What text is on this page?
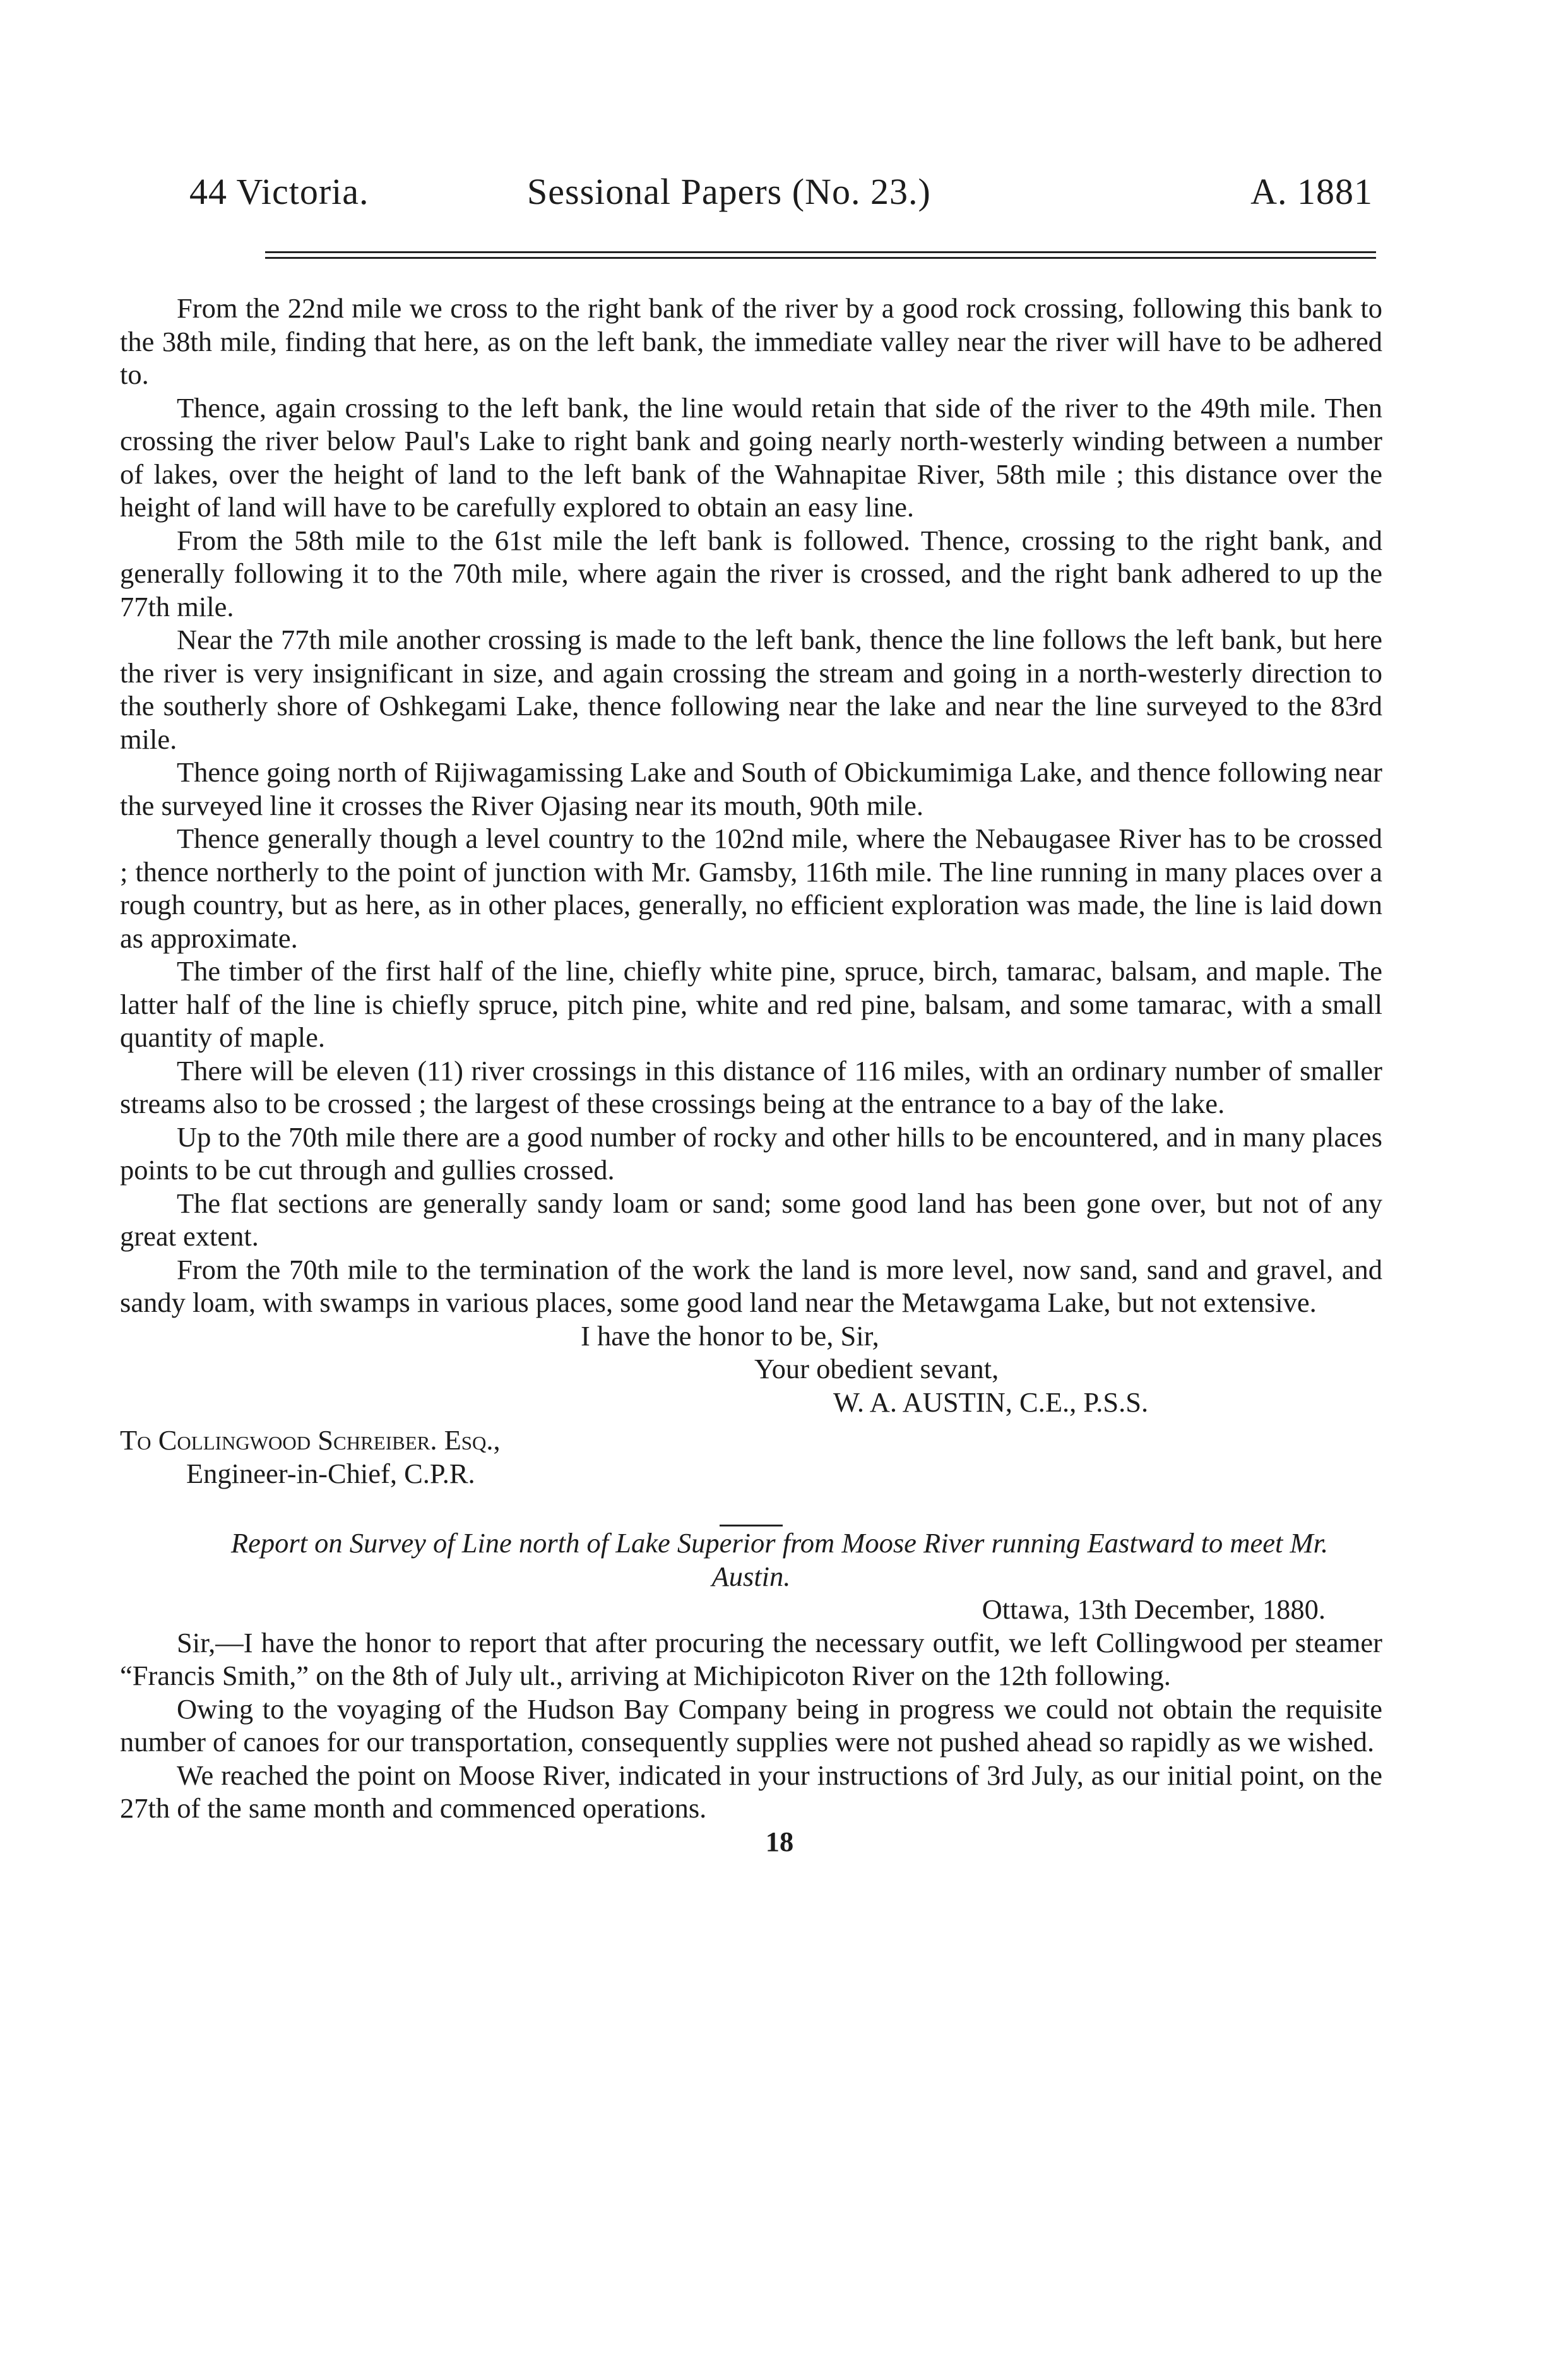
44 Victoria.	Sessional Papers (No. 23.)	A. 1881

From the 22nd mile we cross to the right bank of the river by a good rock crossing, following this bank to the 38th mile, finding that here, as on the left bank, the immediate valley near the river will have to be adhered to.

Thence, again crossing to the left bank, the line would retain that side of the river to the 49th mile. Then crossing the river below Paul's Lake to right bank and going nearly north-westerly winding between a number of lakes, over the height of land to the left bank of the Wahnapitae River, 58th mile ; this distance over the height of land will have to be carefully explored to obtain an easy line.

From the 58th mile to the 61st mile the left bank is followed. Thence, crossing to the right bank, and generally following it to the 70th mile, where again the river is crossed, and the right bank adhered to up the 77th mile.

Near the 77th mile another crossing is made to the left bank, thence the line follows the left bank, but here the river is very insignificant in size, and again crossing the stream and going in a north-westerly direction to the southerly shore of Oshkegami Lake, thence following near the lake and near the line surveyed to the 83rd mile.

Thence going north of Rijiwagamissing Lake and South of Obickumimiga Lake, and thence following near the surveyed line it crosses the River Ojasing near its mouth, 90th mile.

Thence generally though a level country to the 102nd mile, where the Nebaugasee River has to be crossed ; thence northerly to the point of junction with Mr. Gamsby, 116th mile. The line running in many places over a rough country, but as here, as in other places, generally, no efficient exploration was made, the line is laid down as approximate.

The timber of the first half of the line, chiefly white pine, spruce, birch, tamarac, balsam, and maple. The latter half of the line is chiefly spruce, pitch pine, white and red pine, balsam, and some tamarac, with a small quantity of maple.

There will be eleven (11) river crossings in this distance of 116 miles, with an ordinary number of smaller streams also to be crossed ; the largest of these crossings being at the entrance to a bay of the lake.

Up to the 70th mile there are a good number of rocky and other hills to be encountered, and in many places points to be cut through and gullies crossed.

The flat sections are generally sandy loam or sand; some good land has been gone over, but not of any great extent.

From the 70th mile to the termination of the work the land is more level, now sand, sand and gravel, and sandy loam, with swamps in various places, some good land near the Metawgama Lake, but not extensive.

I have the honor to be, Sir,
Your obedient sevant,
W. A. AUSTIN, C.E., P.S.S.
To Collingwood Schreiber. Esq.,
Engineer-in-Chief, C.P.R.

Report on Survey of Line north of Lake Superior from Moose River running Eastward to meet Mr. Austin.

Ottawa, 13th December, 1880.

Sir,—I have the honor to report that after procuring the necessary outfit, we left Collingwood per steamer “Francis Smith,” on the 8th of July ult., arriving at Michipicoton River on the 12th following.

Owing to the voyaging of the Hudson Bay Company being in progress we could not obtain the requisite number of canoes for our transportation, consequently supplies were not pushed ahead so rapidly as we wished.

We reached the point on Moose River, indicated in your instructions of 3rd July, as our initial point, on the 27th of the same month and commenced operations.

18
